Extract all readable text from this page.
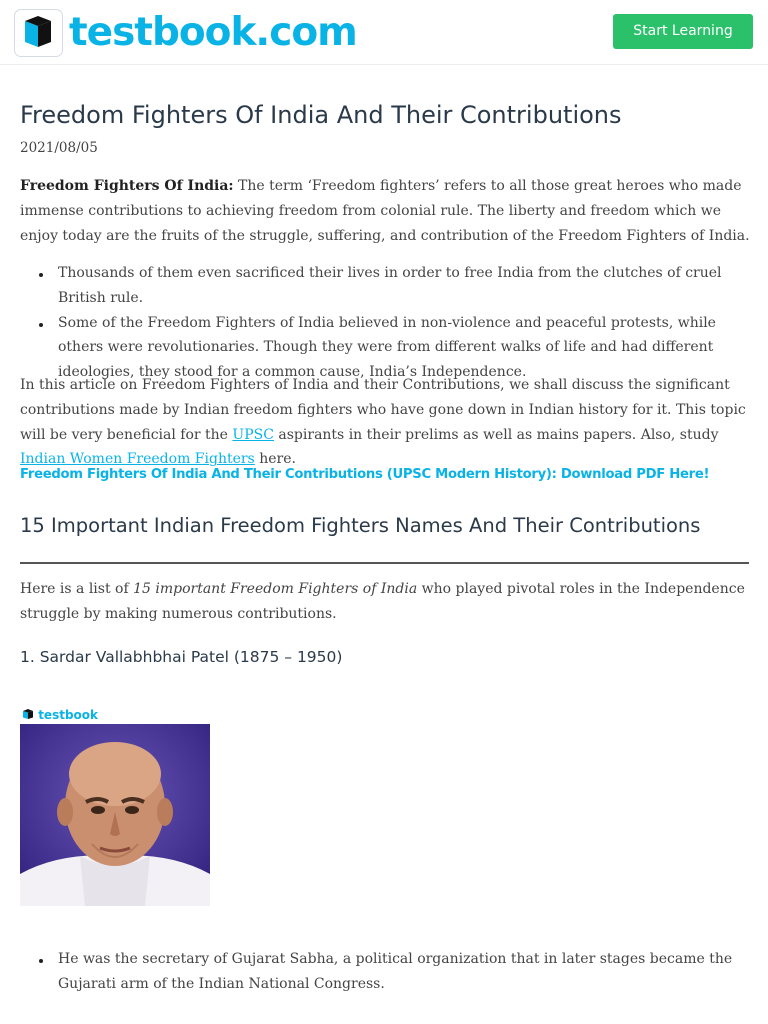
testbook.com	Start Learning
Freedom Fighters Of India And Their Contributions
2021/08/05

Freedom Fighters Of India: The term ‘Freedom fighters’ refers to all those great heroes who made immense contributions to achieving freedom from colonial rule. The liberty and freedom which we enjoy today are the fruits of the struggle, suffering, and contribution of the Freedom Fighters of India.

Thousands of them even sacrificed their lives in order to free India from the clutches of cruel British rule.
Some of the Freedom Fighters of India believed in non-violence and peaceful protests, while others were revolutionaries. Though they were from different walks of life and had different ideologies, they stood for a common cause, India’s Independence.

In this article on Freedom Fighters of India and their Contributions, we shall discuss the significant contributions made by Indian freedom fighters who have gone down in Indian history for it. This topic will be very beneficial for the UPSC aspirants in their prelims as well as mains papers. Also, study Indian Women Freedom Fighters here.

Freedom Fighters Of India And Their Contributions (UPSC Modern History): Download PDF Here!
15 Important Indian Freedom Fighters Names And Their Contributions

Here is a list of 15 important Freedom Fighters of India who played pivotal roles in the Independence struggle by making numerous contributions.

1. Sardar Vallabhbhai Patel (1875 – 1950)
testbook
He was the secretary of Gujarat Sabha, a political organization that in later stages became the Gujarati arm of the Indian National Congress.
